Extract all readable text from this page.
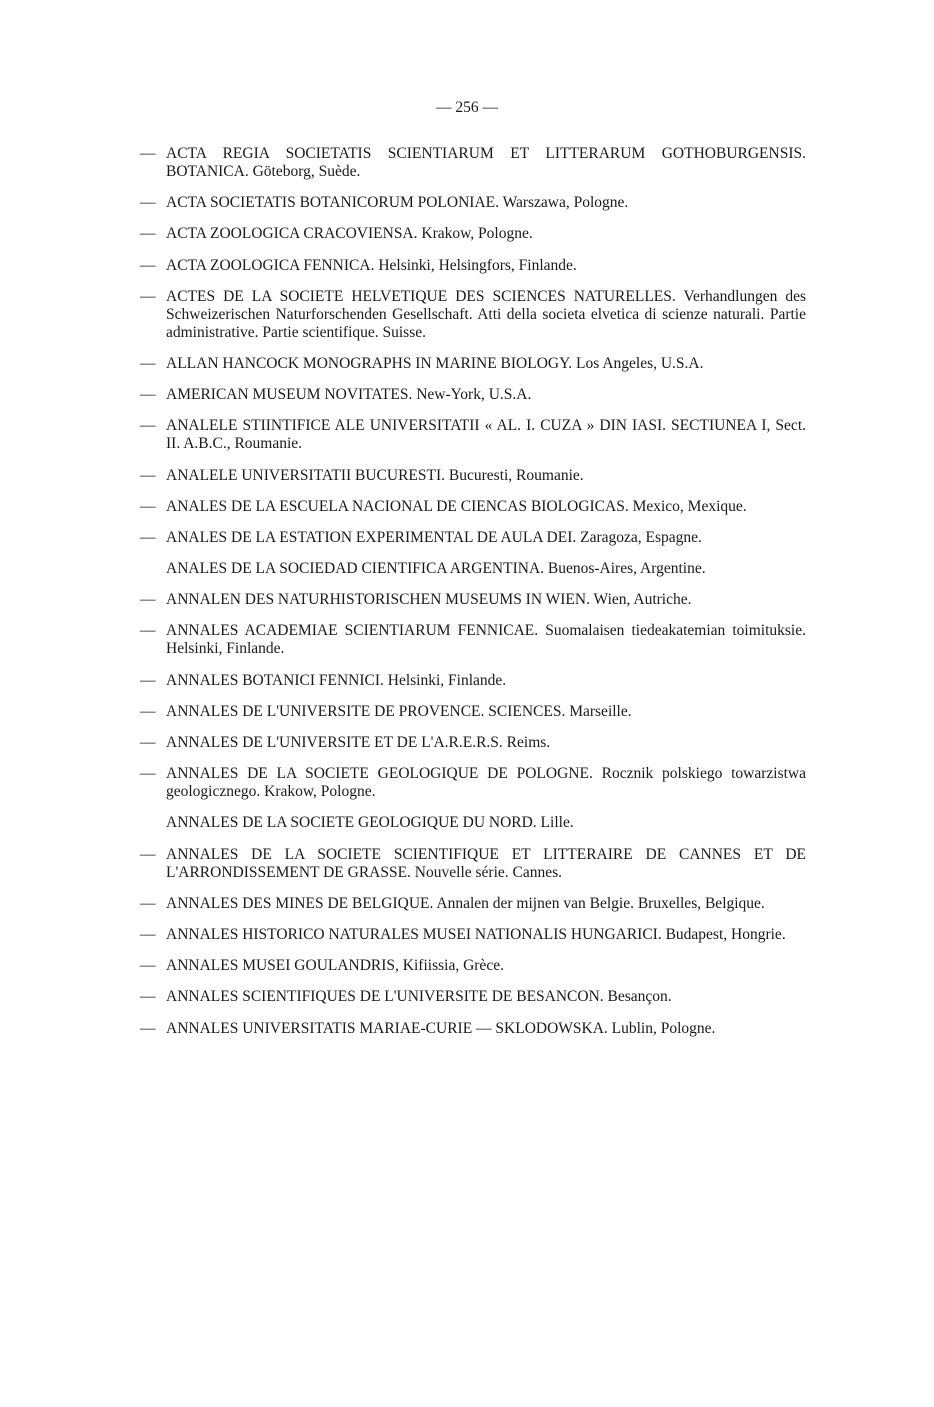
— 256 —
— ACTA REGIA SOCIETATIS SCIENTIARUM ET LITTERARUM GOTHOBURGENSIS. BOTANICA. Göteborg, Suède.
— ACTA SOCIETATIS BOTANICORUM POLONIAE. Warszawa, Pologne.
— ACTA ZOOLOGICA CRACOVIENSA. Krakow, Pologne.
— ACTA ZOOLOGICA FENNICA. Helsinki, Helsingfors, Finlande.
— ACTES DE LA SOCIETE HELVETIQUE DES SCIENCES NATURELLES. Verhandlungen des Schweizerischen Naturforschenden Gesellschaft. Atti della societa elvetica di scienze naturali. Partie administrative. Partie scientifique. Suisse.
— ALLAN HANCOCK MONOGRAPHS IN MARINE BIOLOGY. Los Angeles, U.S.A.
— AMERICAN MUSEUM NOVITATES. New-York, U.S.A.
— ANALELE STIINTIFICE ALE UNIVERSITATII « AL. I. CUZA » DIN IASI. SECTIUNEA I, Sect. II. A.B.C., Roumanie.
— ANALELE UNIVERSITATII BUCURESTI. Bucuresti, Roumanie.
— ANALES DE LA ESCUELA NACIONAL DE CIENCAS BIOLOGICAS. Mexico, Mexique.
— ANALES DE LA ESTATION EXPERIMENTAL DE AULA DEI. Zaragoza, Espagne.
ANALES DE LA SOCIEDAD CIENTIFICA ARGENTINA. Buenos-Aires, Argentine.
— ANNALEN DES NATURHISTORISCHEN MUSEUMS IN WIEN. Wien, Autriche.
— ANNALES ACADEMIAE SCIENTIARUM FENNICAE. Suomalaisen tiedeakatemian toimituksie. Helsinki, Finlande.
— ANNALES BOTANICI FENNICI. Helsinki, Finlande.
— ANNALES DE L'UNIVERSITE DE PROVENCE. SCIENCES. Marseille.
— ANNALES DE L'UNIVERSITE ET DE L'A.R.E.R.S. Reims.
— ANNALES DE LA SOCIETE GEOLOGIQUE DE POLOGNE. Rocznik polskiego towarzistwa geologicznego. Krakow, Pologne.
ANNALES DE LA SOCIETE GEOLOGIQUE DU NORD. Lille.
— ANNALES DE LA SOCIETE SCIENTIFIQUE ET LITTERAIRE DE CANNES ET DE L'ARRONDISSEMENT DE GRASSE. Nouvelle série. Cannes.
— ANNALES DES MINES DE BELGIQUE. Annalen der mijnen van Belgie. Bruxelles, Belgique.
— ANNALES HISTORICO NATURALES MUSEI NATIONALIS HUNGARICI. Budapest, Hongrie.
— ANNALES MUSEI GOULANDRIS, Kifiissia, Grèce.
— ANNALES SCIENTIFIQUES DE L'UNIVERSITE DE BESANCON. Besançon.
— ANNALES UNIVERSITATIS MARIAE-CURIE — SKLODOWSKA. Lublin, Pologne.
